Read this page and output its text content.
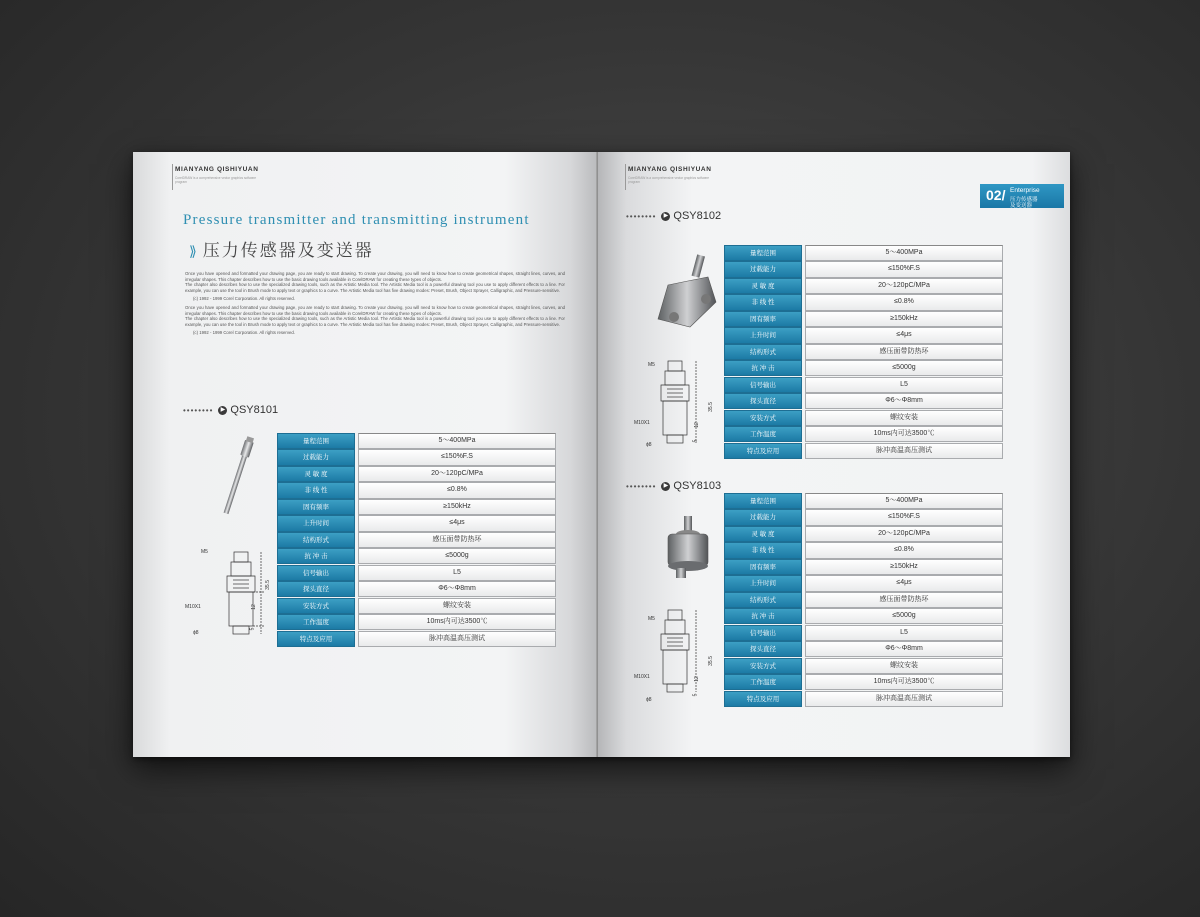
MIANYANG QISHIYUAN
CorelDRAW is a comprehensive vector graphics software program
Pressure transmitter and transmitting instrument
⟫ 压力传感器及变送器

Once you have opened and formatted your drawing page, you are ready to start drawing. To create your drawing, you will need to know how to create geometrical shapes, straight lines, curves, and irregular shapes. This chapter describes how to use the basic drawing tools available in CorelDRAW for creating these types of objects.

The chapter also describes how to use the specialized drawing tools, such as the Artistic Media tool. The Artistic Media tool is a powerful drawing tool you use to apply different effects to a line. For example, you can use the tool in Brush mode to apply text or graphics to a curve. The Artistic Media tool has five drawing modes: Preset, Brush, Object Sprayer, Calligraphic, and Pressure-sensitive.

(c) 1992 - 1999 Corel Corporation. All rights reserved.

Once you have opened and formatted your drawing page, you are ready to start drawing. To create your drawing, you will need to know how to create geometrical shapes, straight lines, curves, and irregular shapes. This chapter describes how to use the basic drawing tools available in CorelDRAW for creating these types of objects.

The chapter also describes how to use the specialized drawing tools, such as the Artistic Media tool. The Artistic Media tool is a powerful drawing tool you use to apply different effects to a line. For example, you can use the tool in Brush mode to apply text or graphics to a curve. The Artistic Media tool has five drawing modes: Preset, Brush, Object Sprayer, Calligraphic, and Pressure-sensitive.

(c) 1992 - 1999 Corel Corporation. All rights reserved.

••••••••	▶ QSY8101
M5
M10X1
ϕ8
35.5
12
5
量程范围	5～400MPa
过载能力	≤150%F.S
灵 敏 度	20～120pC/MPa
非 线 性	≤0.8%
固有频率	≥150kHz
上升时间	≤4μs
结构形式	感压面带防热环
抗 冲 击	≤5000g
信号输出	L5
探头直径	Φ6～Φ8mm
安装方式	螺纹安装
工作温度	10ms内可达3500℃
特点及应用	脉冲高温高压测试
MIANYANG QISHIYUAN
CorelDRAW is a comprehensive vector graphics software program
02/ Enterprise
压力传感器
及变送器
••••••••	▶ QSY8102
M5
M10X1
ϕ8
35.5
12
5
量程范围	5～400MPa
过载能力	≤150%F.S
灵 敏 度	20～120pC/MPa
非 线 性	≤0.8%
固有频率	≥150kHz
上升时间	≤4μs
结构形式	感压面带防热环
抗 冲 击	≤5000g
信号输出	L5
探头直径	Φ6～Φ8mm
安装方式	螺纹安装
工作温度	10ms内可达3500℃
特点及应用	脉冲高温高压测试
••••••••	▶ QSY8103
M5
M10X1
ϕ8
35.5
12
5
量程范围	5～400MPa
过载能力	≤150%F.S
灵 敏 度	20～120pC/MPa
非 线 性	≤0.8%
固有频率	≥150kHz
上升时间	≤4μs
结构形式	感压面带防热环
抗 冲 击	≤5000g
信号输出	L5
探头直径	Φ6～Φ8mm
安装方式	螺纹安装
工作温度	10ms内可达3500℃
特点及应用	脉冲高温高压测试
